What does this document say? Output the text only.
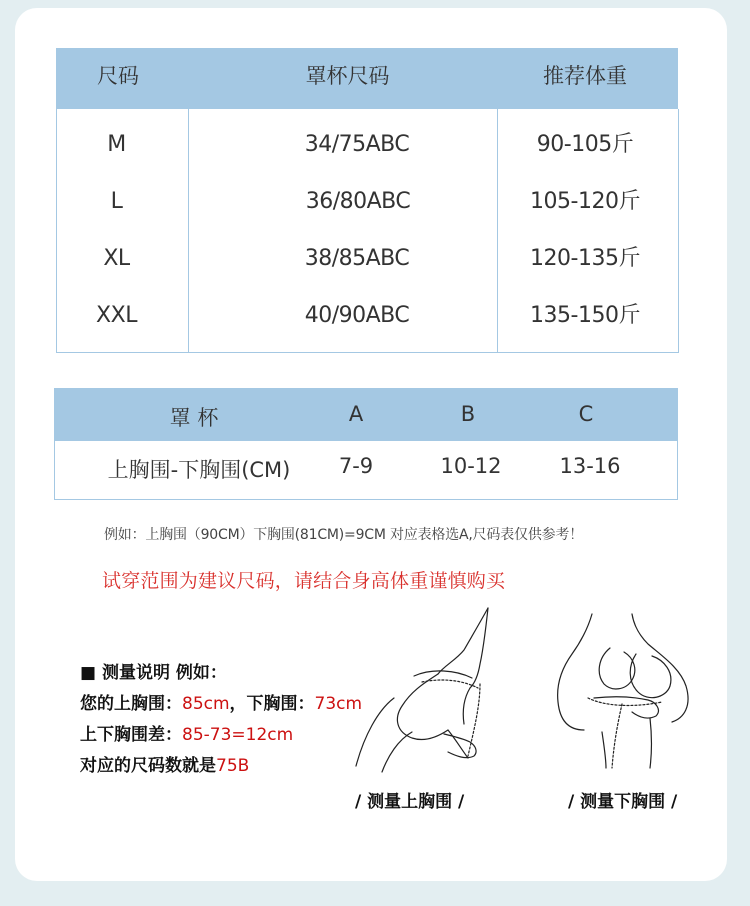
尺码	罩杯尺码	推荐体重
M	34/75ABC	90-105斤
L	36/80ABC	105-120斤
XL	38/85ABC	120-135斤
XXL	40/90ABC	135-150斤
罩 杯	A	B	C
上胸围-下胸围(CM)	7-9	10-12	13-16
例如：上胸围（90CM）下胸围(81CM)=9CM 对应表格选A,尺码表仅供参考！
试穿范围为建议尺码，请结合身高体重谨慎购买
■ 测量说明 例如：
您的上胸围：85cm，下胸围：73cm
上下胸围差：85-73=12cm
对应的尺码数就是75B
/ 测量上胸围 /	/ 测量下胸围 /
